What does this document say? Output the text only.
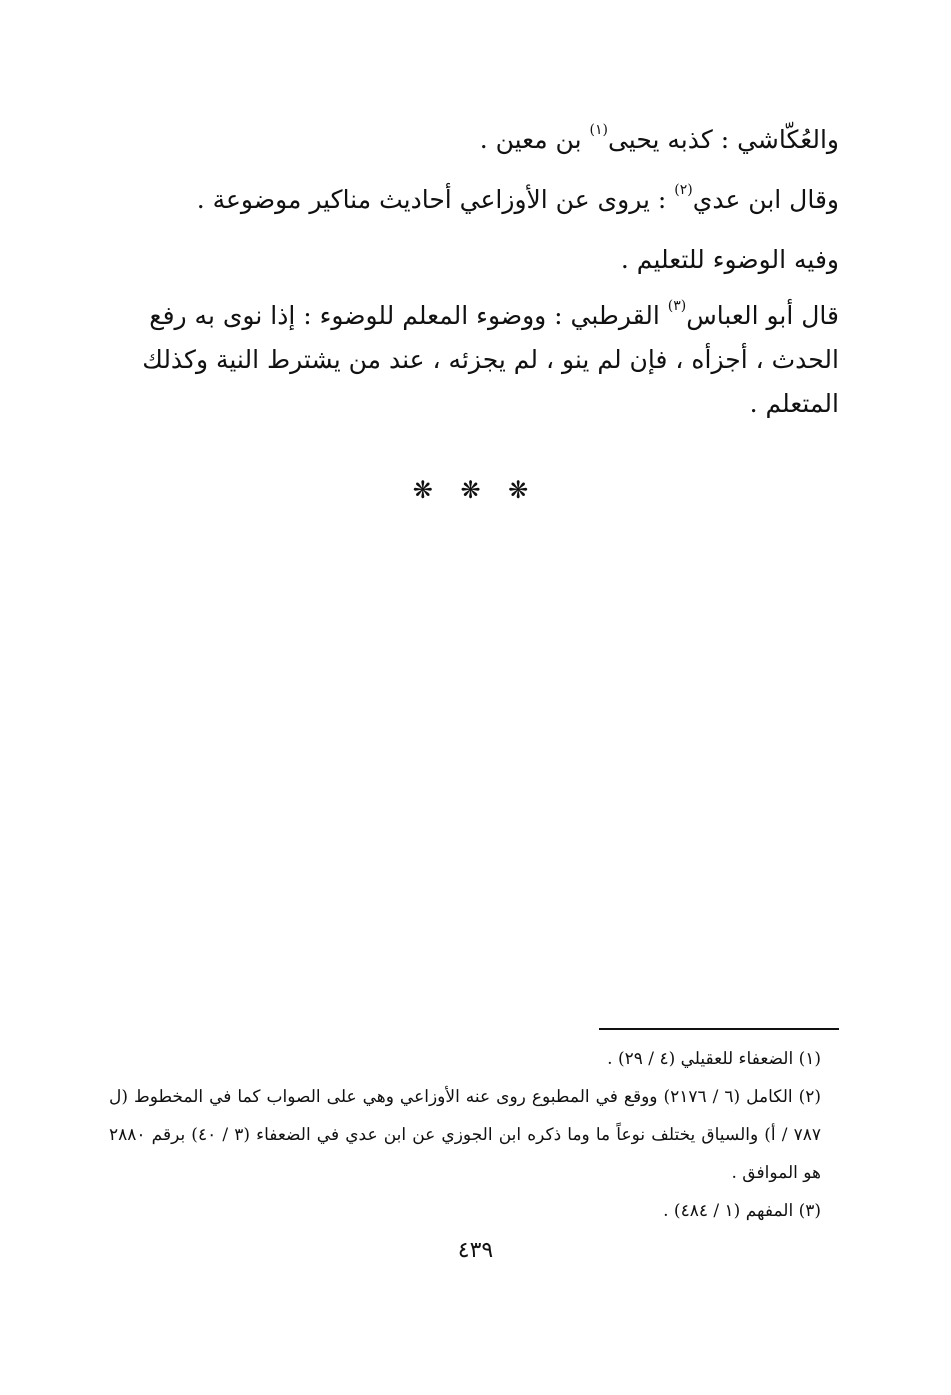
والعُكّاشي : كذبه يحيى$^{(١)}$ بن معين .

وقال ابن عدي$^{(٢)}$ : يروى عن الأوزاعي أحاديث مناكير موضوعة .

وفيه الوضوء للتعليم .

قال أبو العباس$^{(٣)}$ القرطبي : ووضوء المعلم للوضوء : إذا نوى به رفع الحدث ، أجزأه ، فإن لم ينو ، لم يجزئه ، عند من يشترط النية وكذلك المتعلم .

❋ ❋ ❋

(١) الضعفاء للعقيلي (٤ / ٢٩) .

(٢) الكامل (٦ / ٢١٧٦) ووقع في المطبوع روى عنه الأوزاعي وهي على الصواب كما في المخطوط (ل ٧٨٧ / أ) والسياق يختلف نوعاً ما وما ذكره ابن الجوزي عن ابن عدي في الضعفاء (٣ / ٤٠) برقم ٢٨٨٠ هو الموافق .

(٣) المفهم (١ / ٤٨٤) .

٤٣٩
